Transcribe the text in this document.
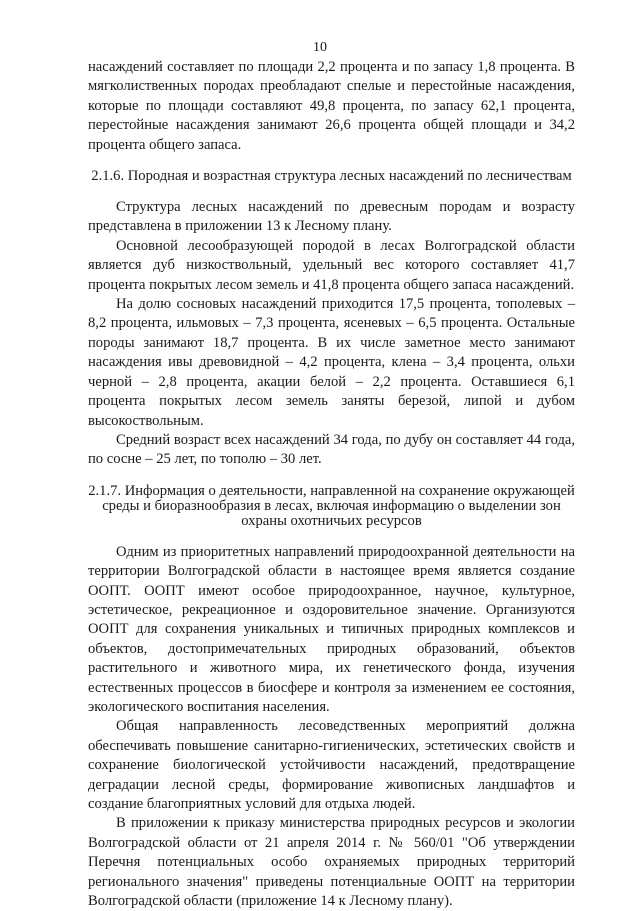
10

насаждений составляет по площади 2,2 процента и по запасу 1,8 процента. В мягколиственных породах преобладают спелые и перестойные насаждения, которые по площади составляют 49,8 процента, по запасу 62,1 процента, перестойные насаждения занимают 26,6 процента общей площади и 34,2 процента общего запаса.

2.1.6. Породная и возрастная структура лесных насаждений по лесничествам

Структура лесных насаждений по древесным породам и возрасту представлена в приложении 13 к Лесному плану.

Основной лесообразующей породой в лесах Волгоградской области является дуб низкоствольный, удельный вес которого составляет 41,7 процента покрытых лесом земель и 41,8 процента общего запаса насаждений.

На долю сосновых насаждений приходится 17,5 процента, тополевых – 8,2 процента, ильмовых – 7,3 процента, ясеневых – 6,5 процента. Остальные породы занимают 18,7 процента. В их числе заметное место занимают насаждения ивы древовидной – 4,2 процента, клена – 3,4 процента, ольхи черной – 2,8 процента, акации белой – 2,2 процента. Оставшиеся 6,1 процента покрытых лесом земель заняты березой, липой и дубом высокоствольным.

Средний возраст всех насаждений 34 года, по дубу он составляет 44 года, по сосне – 25 лет, по тополю – 30 лет.

2.1.7. Информация о деятельности, направленной на сохранение окружающей среды и биоразнообразия в лесах, включая информацию о выделении зон охраны охотничьих ресурсов

Одним из приоритетных направлений природоохранной деятельности на территории Волгоградской области в настоящее время является создание ООПТ. ООПТ имеют особое природоохранное, научное, культурное, эстетическое, рекреационное и оздоровительное значение. Организуются ООПТ для сохранения уникальных и типичных природных комплексов и объектов, достопримечательных природных образований, объектов растительного и животного мира, их генетического фонда, изучения естественных процессов в биосфере и контроля за изменением ее состояния, экологического воспитания населения.

Общая направленность лесоведственных мероприятий должна обеспечивать повышение санитарно-гигиенических, эстетических свойств и сохранение биологической устойчивости насаждений, предотвращение деградации лесной среды, формирование живописных ландшафтов и создание благоприятных условий для отдыха людей.

В приложении к приказу министерства природных ресурсов и экологии Волгоградской области от 21 апреля 2014 г. № 560/01 "Об утверждении Перечня потенциальных особо охраняемых природных территорий регионального значения" приведены потенциальные ООПТ на территории Волгоградской области (приложение 14 к Лесному плану).
